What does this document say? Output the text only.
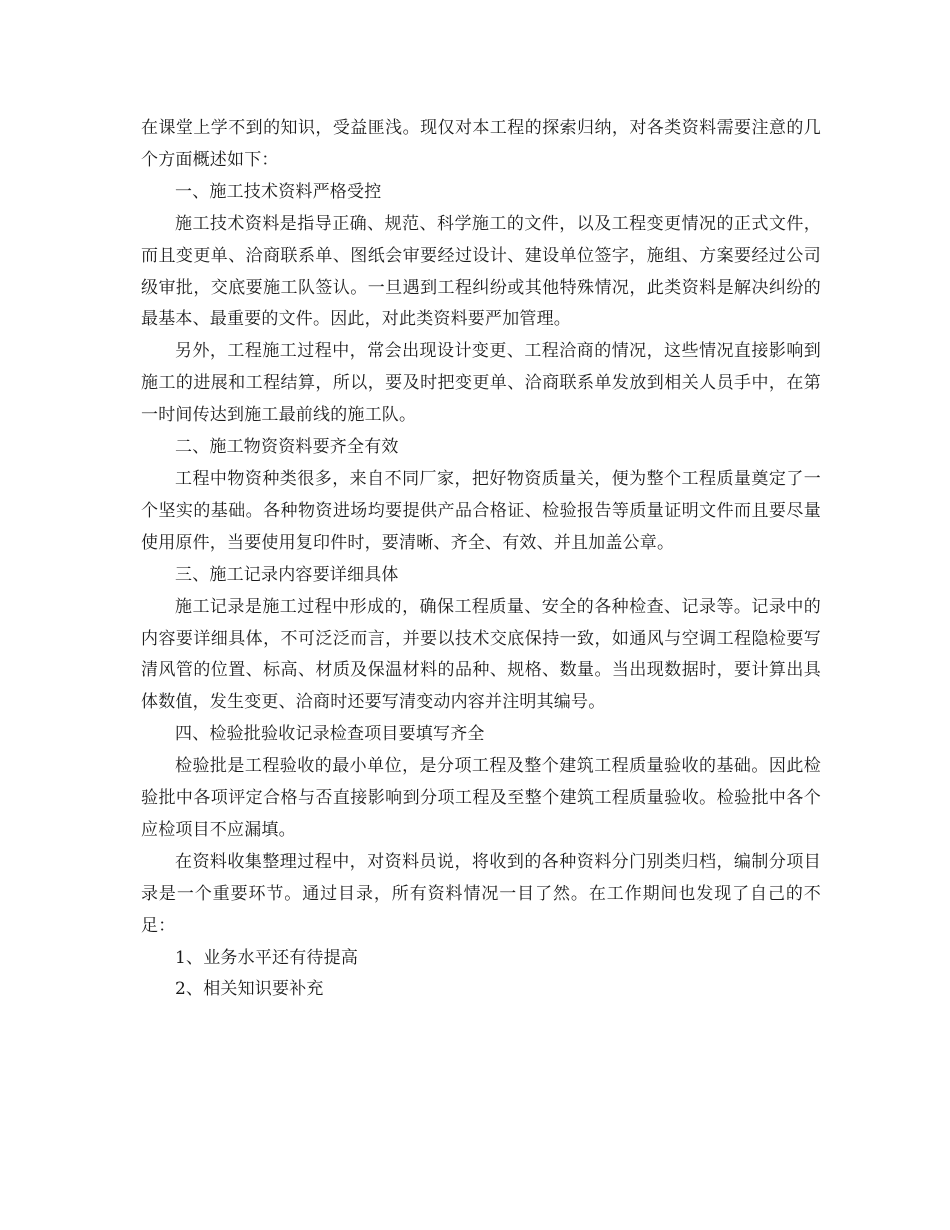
在课堂上学不到的知识，受益匪浅。现仅对本工程的探索归纳，对各类资料需要注意的几个方面概述如下：

一、施工技术资料严格受控

施工技术资料是指导正确、规范、科学施工的文件，以及工程变更情况的正式文件，而且变更单、洽商联系单、图纸会审要经过设计、建设单位签字，施组、方案要经过公司级审批，交底要施工队签认。一旦遇到工程纠纷或其他特殊情况，此类资料是解决纠纷的最基本、最重要的文件。因此，对此类资料要严加管理。

另外，工程施工过程中，常会出现设计变更、工程洽商的情况，这些情况直接影响到施工的进展和工程结算，所以，要及时把变更单、洽商联系单发放到相关人员手中，在第一时间传达到施工最前线的施工队。

二、施工物资资料要齐全有效

工程中物资种类很多，来自不同厂家，把好物资质量关，便为整个工程质量奠定了一个坚实的基础。各种物资进场均要提供产品合格证、检验报告等质量证明文件而且要尽量使用原件，当要使用复印件时，要清晰、齐全、有效、并且加盖公章。

三、施工记录内容要详细具体

施工记录是施工过程中形成的，确保工程质量、安全的各种检查、记录等。记录中的内容要详细具体，不可泛泛而言，并要以技术交底保持一致，如通风与空调工程隐检要写清风管的位置、标高、材质及保温材料的品种、规格、数量。当出现数据时，要计算出具体数值，发生变更、洽商时还要写清变动内容并注明其编号。

四、检验批验收记录检查项目要填写齐全

检验批是工程验收的最小单位，是分项工程及整个建筑工程质量验收的基础。因此检验批中各项评定合格与否直接影响到分项工程及至整个建筑工程质量验收。检验批中各个应检项目不应漏填。

在资料收集整理过程中，对资料员说，将收到的各种资料分门别类归档，编制分项目录是一个重要环节。通过目录，所有资料情况一目了然。在工作期间也发现了自己的不足：

1、业务水平还有待提高

2、相关知识要补充
